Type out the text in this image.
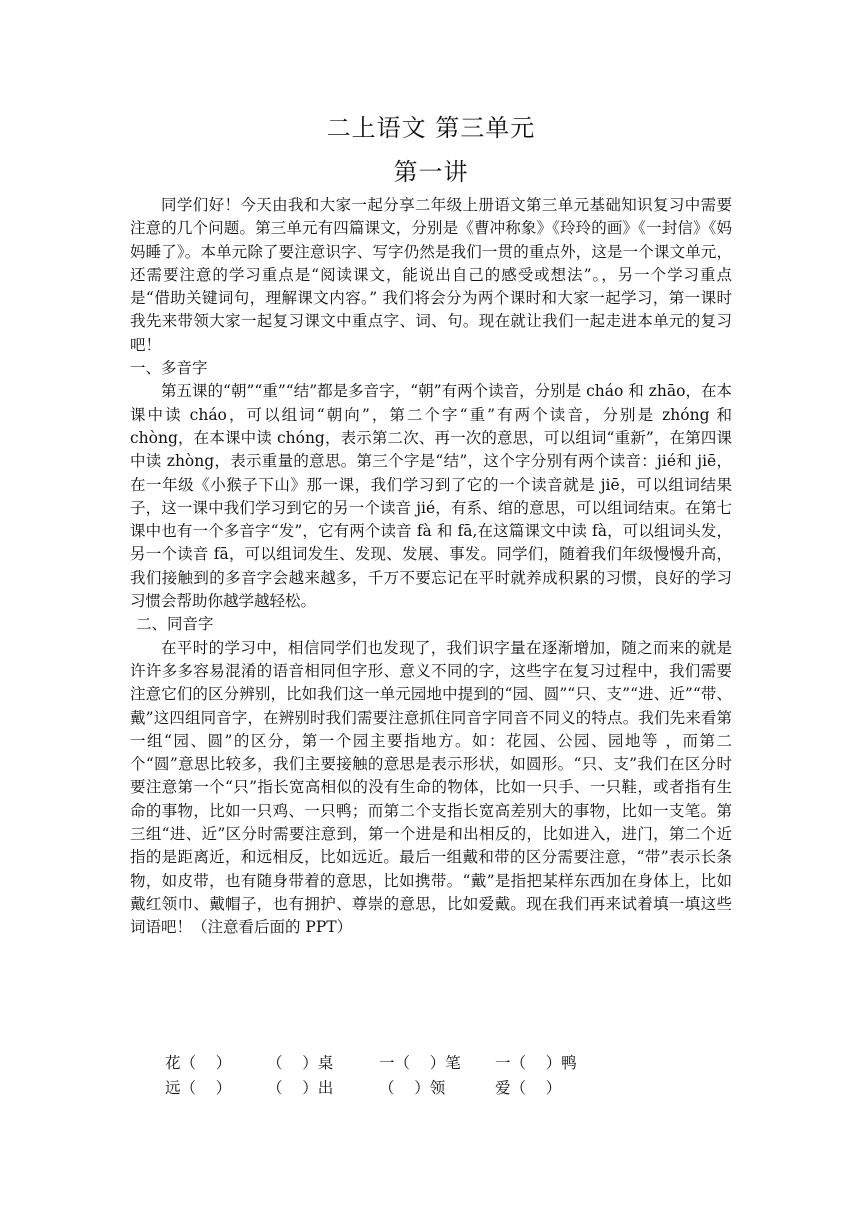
二上语文 第三单元
第一讲

同学们好！今天由我和大家一起分享二年级上册语文第三单元基础知识复习中需要注意的几个问题。第三单元有四篇课文，分别是《曹冲称象》《玲玲的画》《一封信》《妈妈睡了》。本单元除了要注意识字、写字仍然是我们一贯的重点外，这是一个课文单元，还需要注意的学习重点是“阅读课文，能说出自己的感受或想法”。，另一个学习重点是“借助关键词句，理解课文内容。” 我们将会分为两个课时和大家一起学习，第一课时我先来带领大家一起复习课文中重点字、词、句。现在就让我们一起走进本单元的复习吧！

一、多音字

第五课的“朝”“重”“结”都是多音字，“朝”有两个读音，分别是 cháo 和 zhāo，在本课中读 cháo，可以组词“朝向”，第二个字“重”有两个读音，分别是 zhóng 和 chòng，在本课中读 chóng，表示第二次、再一次的意思，可以组词“重新”，在第四课中读 zhòng，表示重量的意思。第三个字是“结”，这个字分别有两个读音：jié和 jiē，在一年级《小猴子下山》那一课，我们学习到了它的一个读音就是 jiē，可以组词结果子，这一课中我们学习到它的另一个读音 jié，有系、绾的意思，可以组词结束。在第七课中也有一个多音字“发”，它有两个读音 fà 和 fā,在这篇课文中读 fà，可以组词头发，另一个读音 fā，可以组词发生、发现、发展、事发。同学们，随着我们年级慢慢升高，我们接触到的多音字会越来越多，千万不要忘记在平时就养成积累的习惯，良好的学习习惯会帮助你越学越轻松。

二、同音字

在平时的学习中，相信同学们也发现了，我们识字量在逐渐增加，随之而来的就是许许多多容易混淆的语音相同但字形、意义不同的字，这些字在复习过程中，我们需要注意它们的区分辨别，比如我们这一单元园地中提到的“园、圆”“只、支”“进、近”“带、戴”这四组同音字，在辨别时我们需要注意抓住同音字同音不同义的特点。我们先来看第一组“园、圆”的区分，第一个园主要指地方。如：花园、公园、园地等 ，而第二个“圆”意思比较多，我们主要接触的意思是表示形状，如圆形。“只、支”我们在区分时要注意第一个“只”指长宽高相似的没有生命的物体，比如一只手、一只鞋，或者指有生命的事物，比如一只鸡、一只鸭；而第二个支指长宽高差别大的事物，比如一支笔。第三组“进、近”区分时需要注意到，第一个进是和出相反的，比如进入，进门，第二个近指的是距离近，和远相反，比如远近。最后一组戴和带的区分需要注意，“带”表示长条物，如皮带，也有随身带着的意思，比如携带。“戴”是指把某样东西加在身体上，比如戴红领巾、戴帽子，也有拥护、尊崇的意思，比如爱戴。现在我们再来试着填一填这些词语吧！（注意看后面的 PPT）

花（    ） （    ）桌	一（    ）笔 一（    ）鸭
远（    ） （    ）出	（    ）领	爱（    ）
